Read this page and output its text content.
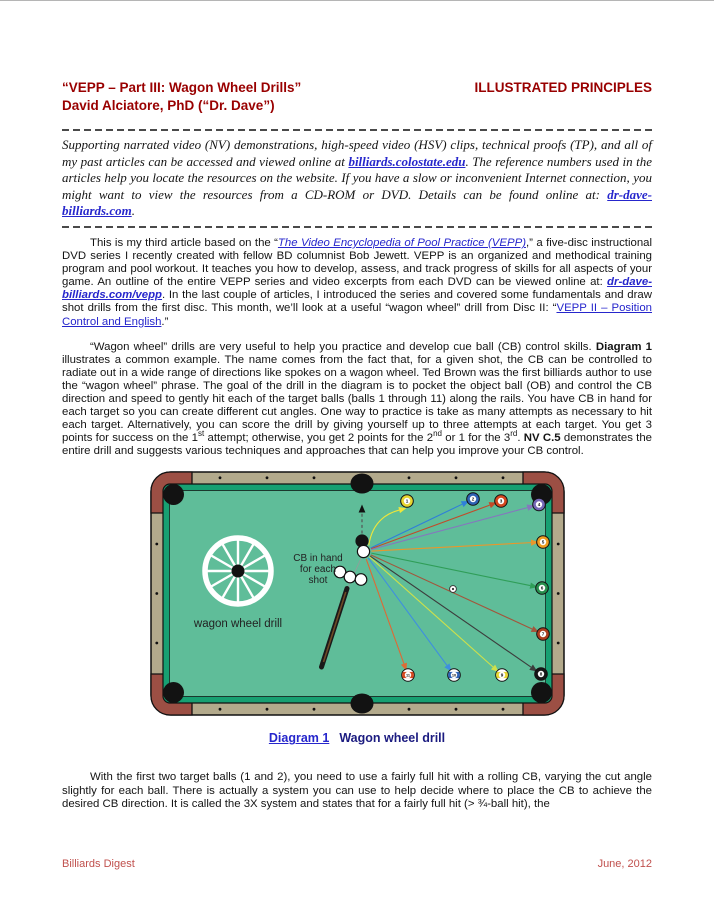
“VEPP – Part III: Wagon Wheel Drills”	ILLUSTRATED PRINCIPLES
David Alciatore, PhD (“Dr. Dave”)

Supporting narrated video (NV) demonstrations, high-speed video (HSV) clips, technical proofs (TP), and all of my past articles can be accessed and viewed online at billiards.colostate.edu. The reference numbers used in the articles help you locate the resources on the website. If you have a slow or inconvenient Internet connection, you might want to view the resources from a CD-ROM or DVD. Details can be found online at: dr-dave-billiards.com.

This is my third article based on the “The Video Encyclopedia of Pool Practice (VEPP),” a five-disc instructional DVD series I recently created with fellow BD columnist Bob Jewett. VEPP is an organized and methodical training program and pool workout. It teaches you how to develop, assess, and track progress of skills for all aspects of your game. An outline of the entire VEPP series and video excerpts from each DVD can be viewed online at: dr-dave-billiards.com/vepp. In the last couple of articles, I introduced the series and covered some fundamentals and draw shot drills from the first disc. This month, we’ll look at a useful “wagon wheel” drill from Disc II: “VEPP II – Position Control and English.”

“Wagon wheel” drills are very useful to help you practice and develop cue ball (CB) control skills. Diagram 1 illustrates a common example. The name comes from the fact that, for a given shot, the CB can be controlled to radiate out in a wide range of directions like spokes on a wagon wheel. Ted Brown was the first billiards author to use the “wagon wheel” phrase. The goal of the drill in the diagram is to pocket the object ball (OB) and control the CB direction and speed to gently hit each of the target balls (balls 1 through 11) along the rails. You have CB in hand for each target so you can create different cut angles. One way to practice is take as many attempts as necessary to hit each target. Alternatively, you can score the drill by giving yourself up to three attempts at each target. You get 3 points for success on the 1st attempt; otherwise, you get 2 points for the 2nd or 1 for the 3rd. NV C.5 demonstrates the entire drill and suggests various techniques and approaches that can help you improve your CB control.

wagon wheel drill
1	2	3
4
5
6
7
8
9
10
11
CB in hand
for each
shot
Diagram 1 Wagon wheel drill

With the first two target balls (1 and 2), you need to use a fairly full hit with a rolling CB, varying the cut angle slightly for each ball. There is actually a system you can use to help decide where to place the CB to achieve the desired CB direction. It is called the 3X system and states that for a fairly full hit (> ¾-ball hit), the

Billiards Digest	June, 2012
